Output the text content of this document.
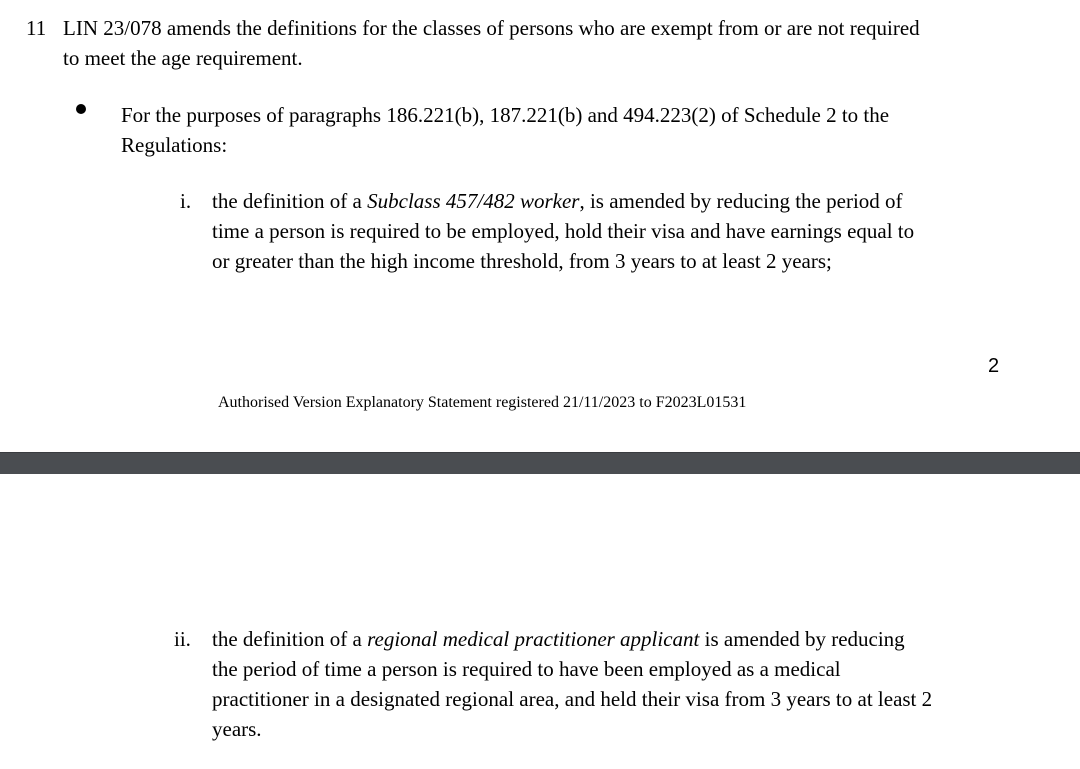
11 LIN 23/078 amends the definitions for the classes of persons who are exempt from or are not required
to meet the age requirement.
For the purposes of paragraphs 186.221(b), 187.221(b) and 494.223(2) of Schedule 2 to the
Regulations:
i. the definition of a Subclass 457/482 worker, is amended by reducing the period of
time a person is required to be employed, hold their visa and have earnings equal to
or greater than the high income threshold, from 3 years to at least 2 years;
2
Authorised Version Explanatory Statement registered 21/11/2023 to F2023L01531
ii. the definition of a regional medical practitioner applicant is amended by reducing
the period of time a person is required to have been employed as a medical
practitioner in a designated regional area, and held their visa from 3 years to at least 2
years.
